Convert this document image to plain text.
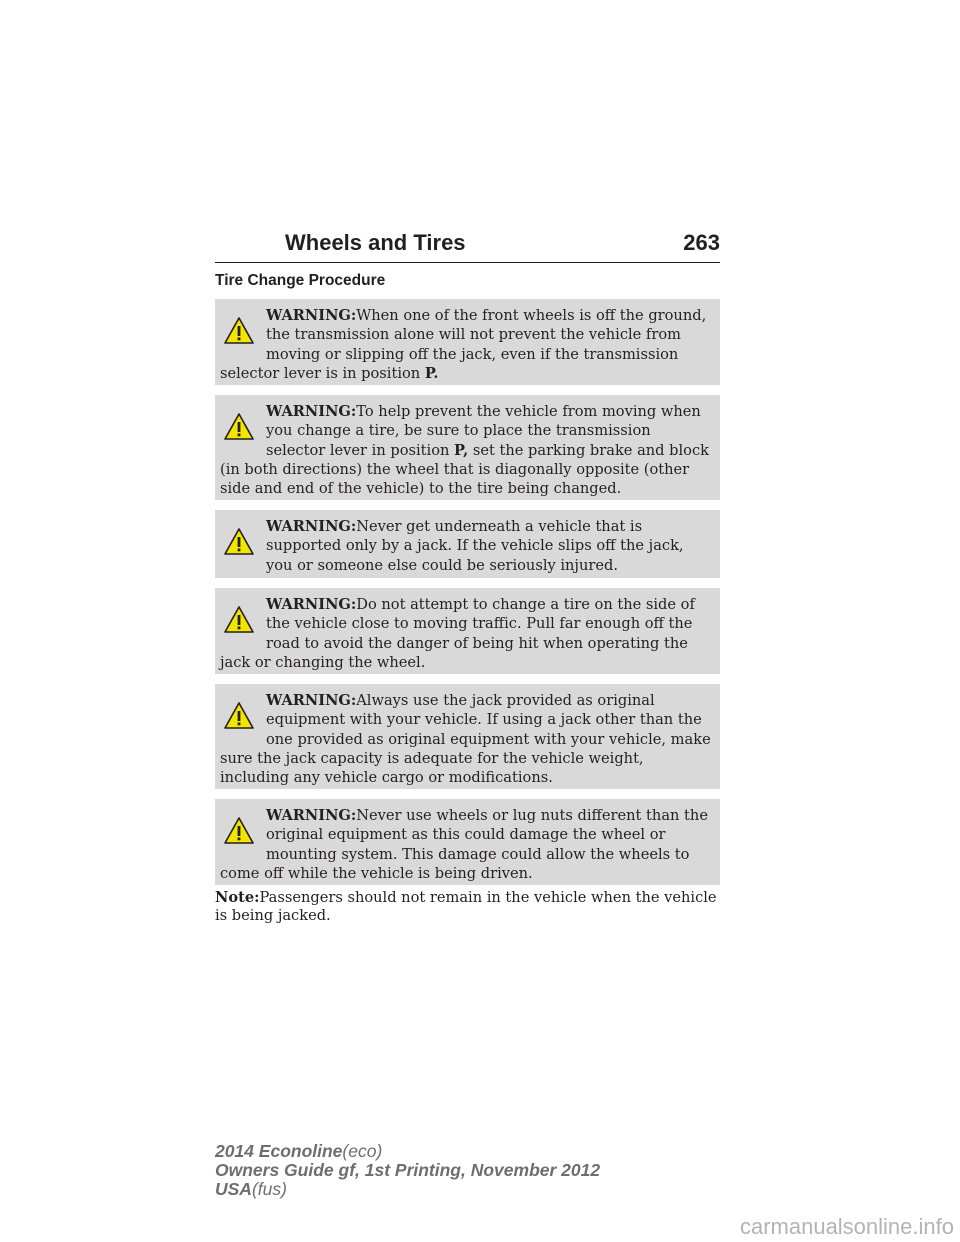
Wheels and Tires	263
Tire Change Procedure
WARNING:When one of the front wheels is off the ground, the transmission alone will not prevent the vehicle from moving or slipping off the jack, even if the transmission selector lever is in position P.
WARNING:To help prevent the vehicle from moving when you change a tire, be sure to place the transmission selector lever in position P, set the parking brake and block (in both directions) the wheel that is diagonally opposite (other side and end of the vehicle) to the tire being changed.
WARNING:Never get underneath a vehicle that is supported only by a jack. If the vehicle slips off the jack, you or someone else could be seriously injured.
WARNING:Do not attempt to change a tire on the side of the vehicle close to moving traffic. Pull far enough off the road to avoid the danger of being hit when operating the jack or changing the wheel.
WARNING:Always use the jack provided as original equipment with your vehicle. If using a jack other than the one provided as original equipment with your vehicle, make sure the jack capacity is adequate for the vehicle weight, including any vehicle cargo or modifications.
WARNING:Never use wheels or lug nuts different than the original equipment as this could damage the wheel or mounting system. This damage could allow the wheels to come off while the vehicle is being driven.
Note:Passengers should not remain in the vehicle when the vehicle is being jacked.
2014 Econoline(eco)
Owners Guide gf, 1st Printing, November 2012
USA(fus)
carmanualsonline.info
